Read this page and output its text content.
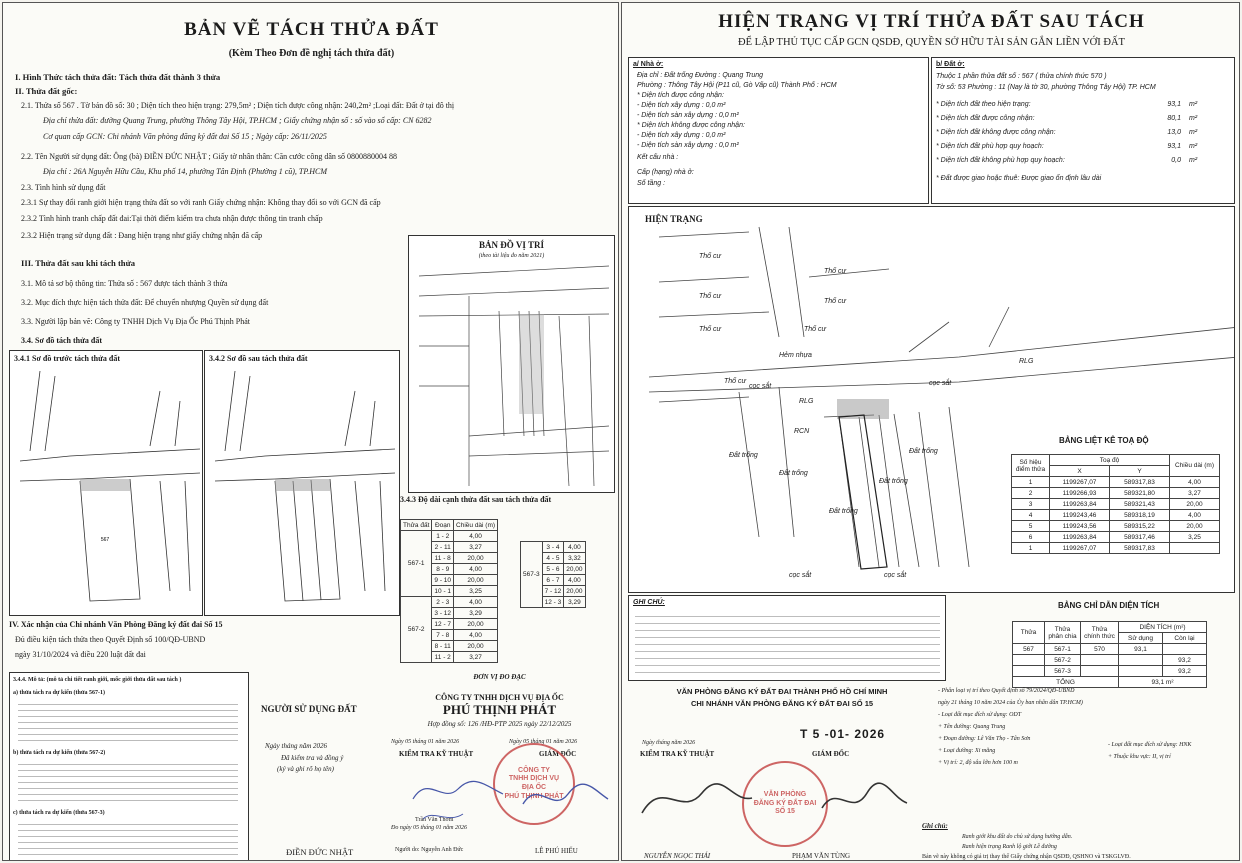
BẢN VẼ TÁCH THỬA ĐẤT
(Kèm Theo Đơn đề nghị tách thửa đất)
I. Hình Thức tách thửa đất: Tách thửa đất thành 3 thửa
II. Thửa đất gốc:
2.1. Thửa số 567 . Tờ bản đồ số: 30 ; Diện tích theo hiện trạng: 279,5m² ; Diện tích được công nhận: 240,2m² ;Loại đất: Đất ở tại đô thị
Địa chỉ thửa đất: đường Quang Trung, phường Thông Tây Hội, TP.HCM ; Giấy chứng nhận số : số vào sổ cấp: CN 6282
Cơ quan cấp GCN: Chi nhánh Văn phòng đăng ký đất đai Số 15 ; Ngày cấp: 26/11/2025
2.2. Tên Người sử dụng đất: Ông (bà) ĐIỀN ĐỨC NHẬT ; Giấy tờ nhân thân: Căn cước công dân số 0800880004 88
Địa chỉ : 26A Nguyễn Hữu Cầu, Khu phố 14, phường Tân Định (Phường 1 cũ), TP.HCM
2.3. Tình hình sử dụng đất
2.3.1 Sự thay đổi ranh giới hiện trạng thửa đất so với ranh Giấy chứng nhận: Không thay đổi so với GCN đã cấp
2.3.2 Tình hình tranh chấp đất đai:Tại thời điểm kiểm tra chưa nhận được thông tin tranh chấp
2.3.2 Hiện trạng sử dụng đất : Đang hiện trạng như giấy chứng nhận đã cấp
III. Thửa đất sau khi tách thửa
3.1. Mô tả sơ bộ thông tin: Thửa số : 567 được tách thành 3 thửa
3.2. Mục đích thực hiện tách thửa đất: Để chuyển nhượng Quyền sử dụng đất
3.3. Người lập bản vẽ: Công ty TNHH Dịch Vụ Địa Ốc Phú Thịnh Phát
3.4. Sơ đồ tách thửa đất
3.4.1 Sơ đồ trước tách thửa đất
567
3.4.2 Sơ đồ sau tách thửa đất
BẢN ĐỒ VỊ TRÍ
(theo tài liệu đo năm 2021)
3.4.3 Độ dài cạnh thửa đất sau tách thửa đất
Thửa đất	Đoạn	Chiều dài (m)
567-1	1 - 2	4,00
	2 - 11	3,27
	11 - 8	20,00
	8 - 9	4,00
	9 - 10	20,00
	10 - 1	3,25
567-2	2 - 3	4,00
	3 - 12	3,29
	12 - 7	20,00
	7 - 8	4,00
	8 - 11	20,00
	11 - 2	3,27
567-3	3 - 4	4,00
	4 - 5	3,32
	5 - 6	20,00
	6 - 7	4,00
	7 - 12	20,00
	12 - 3	3,29
IV. Xác nhận của Chi nhánh Văn Phòng Đăng ký đất đai Số 15
Đủ điều kiện tách thửa theo Quyết Định số 100/QĐ-UBND
ngày 31/10/2024 và điều 220 luật đất đai
3.4.4. Mô tả: (mô tả chi tiết ranh giới, mốc giới thửa đất sau tách )
a) thửa tách ra dự kiến (thửa 567-1)
b) thửa tách ra dự kiến (thửa 567-2)
c) thửa tách ra dự kiến (thửa 567-3)
NGƯỜI SỬ DỤNG ĐẤT
Ngày tháng năm 2026
Đã kiểm tra và đồng ý
(ký và ghi rõ họ tên)
ĐIỀN ĐỨC NHẬT
ĐƠN VỊ ĐO ĐẠC
CÔNG TY TNHH DỊCH VỤ ĐỊA ỐC
PHÚ THỊNH PHÁT
Hợp đồng số: 126 /HĐ-PTP 2025 ngày 22/12/2025
Ngày 05 tháng 01 năm 2026	Ngày 05 tháng 01 năm 2026
KIỂM TRA KỸ THUẬT	GIÁM ĐỐC
Trần Văn Thơm
Đo ngày 05 tháng 01 năm 2026
Người do: Nguyễn Anh Đức	LÊ PHÚ HIẾU
CÔNG TY
TNHH DỊCH VỤ
ĐỊA ỐC
PHÚ THỊNH PHÁT
HIỆN TRẠNG VỊ TRÍ THỬA ĐẤT SAU TÁCH
ĐỂ LẬP THỦ TỤC CẤP GCN QSDĐ, QUYỀN SỞ HỮU TÀI SẢN GẮN LIỀN VỚI ĐẤT
a/ Nhà ở:
Địa chỉ : Đất trống Đường : Quang Trung
Phường : Thông Tây Hội (P11 cũ, Gò Vấp cũ) Thành Phố : HCM
* Diện tích được công nhận:
- Diện tích xây dựng : 0,0 m²
- Diện tích sàn xây dựng : 0,0 m²
* Diện tích không được công nhận:
- Diện tích xây dựng : 0,0 m²
- Diện tích sàn xây dựng : 0,0 m²
Kết cấu nhà :
Cấp (hạng) nhà ở:
Số tầng :
b/ Đất ở:
Thuộc 1 phần thửa đất số : 567 ( thửa chính thức 570 )
Tờ số: 53 Phường : 11 (Nay là tờ 30, phường Thông Tây Hội) TP. HCM
* Diện tích đất theo hiện trạng:	93,1 m²
* Diện tích đất được công nhận:	80,1 m²
* Diện tích đất không được công nhận:	13,0 m²
* Diện tích đất phù hợp quy hoạch:	93,1 m²
* Diện tích đất không phù hợp quy hoạch:	0,0 m²
* Đất được giao hoặc thuê: Được giao ổn định lâu dài
HIỆN TRẠNG
Thổ cư
Thổ cư
Thổ cư
Thổ cư
Thổ cư
Thổ cư
Thổ cư
Hẻm nhựa
Đất trống
Đất trống
Đất trống
Đất trống
Đất trống
cọc sắt	cọc sắt
cọc sắt	cọc sắt
RLG
RCN
RLG
BẢNG LIỆT KÊ TOẠ ĐỘ
Số hiệu điểm thửa	Toạ độ		Chiều dài (m)
	X	Y	
1	1199267,07	589317,83	4,00
2	1199266,93	589321,80	3,27
3	1199263,84	589321,43	20,00
4	1199243,46	589318,19	4,00
5	1199243,56	589315,22	20,00
6	1199263,84	589317,46	3,25
1	1199267,07	589317,83	
GHI CHÚ:	BẢNG CHỈ DẪN DIỆN TÍCH
Thửa	Thửa phân chia	Thửa chính thức	DIỆN TÍCH (m²)	
			Sử dụng	Còn lại
567	567-1	570	93,1	
	567-2			93,2
	567-3			93,2
TỔNG			93,1 m²	
VĂN PHÒNG ĐĂNG KÝ ĐẤT ĐAI THÀNH PHỐ HỒ CHÍ MINH
CHI NHÁNH VĂN PHÒNG ĐĂNG KÝ ĐẤT ĐAI SỐ 15
T 5 -01- 2026
Ngày tháng năm 2026
KIỂM TRA KỸ THUẬT	GIÁM ĐỐC
NGUYỄN NGỌC THÁI	PHẠM VĂN TÙNG
VĂN PHÒNG
ĐĂNG KÝ ĐẤT ĐAI
SỐ 15
- Phân loại vị trí theo Quyết định số 79/2024/QĐ-UBND
ngày 21 tháng 10 năm 2024 của Ủy ban nhân dân TP.HCM)
- Loại đất mục đích sử dụng: ODT
+ Tên đường: Quang Trung
+ Đoạn đường: Lê Văn Thọ - Tân Sơn
+ Loại đường: Xi măng
+ Vị trí: 2, độ sâu lớn hơn 100 m
- Loại đất mục đích sử dụng: HNK
+ Thuộc khu vực: II, vị trí
Ghi chú:
Ranh giới khu đất do chủ sử dụng hướng dẫn.
Ranh hiện trạng Ranh lộ giới Lề đường
Bản vẽ này không có giá trị thay thế Giấy chứng nhận QSDĐ, QSHNO và TSKGLVĐ.
